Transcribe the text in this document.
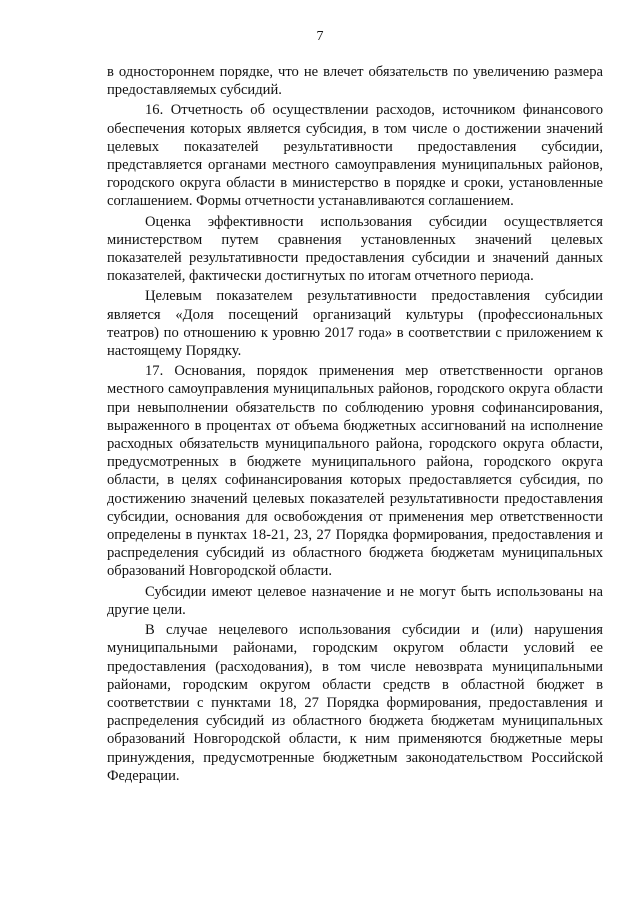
7

в одностороннем порядке, что не влечет обязательств по увеличению размера предоставляемых субсидий.

16. Отчетность об осуществлении расходов, источником финансового обеспечения которых является субсидия, в том числе о достижении значений целевых показателей результативности предоставления субсидии, представляется органами местного самоуправления муниципальных районов, городского округа области в министерство в порядке и сроки, установленные соглашением. Формы отчетности устанавливаются соглашением.

Оценка эффективности использования субсидии осуществляется министерством путем сравнения установленных значений целевых показателей результативности предоставления субсидии и значений данных показателей, фактически достигнутых по итогам отчетного периода.

Целевым показателем результативности предоставления субсидии является «Доля посещений организаций культуры (профессиональных театров) по отношению к уровню 2017 года» в соответствии с приложением к настоящему Порядку.

17. Основания, порядок применения мер ответственности органов местного самоуправления муниципальных районов, городского округа области при невыполнении обязательств по соблюдению уровня софинансирования, выраженного в процентах от объема бюджетных ассигнований на исполнение расходных обязательств муниципального района, городского округа области, предусмотренных в бюджете муниципального района, городского округа области, в целях софинансирования которых предоставляется субсидия, по достижению значений целевых показателей результативности предоставления субсидии, основания для освобождения от применения мер ответственности определены в пунктах 18-21, 23, 27 Порядка формирования, предоставления и распределения субсидий из областного бюджета бюджетам муниципальных образований Новгородской области.

Субсидии имеют целевое назначение и не могут быть использованы на другие цели.

В случае нецелевого использования субсидии и (или) нарушения муниципальными районами, городским округом области условий ее предоставления (расходования), в том числе невозврата муниципальными районами, городским округом области средств в областной бюджет в соответствии с пунктами 18, 27 Порядка формирования, предоставления и распределения субсидий из областного бюджета бюджетам муниципальных образований Новгородской области, к ним применяются бюджетные меры принуждения, предусмотренные бюджетным законодательством Российской Федерации.
